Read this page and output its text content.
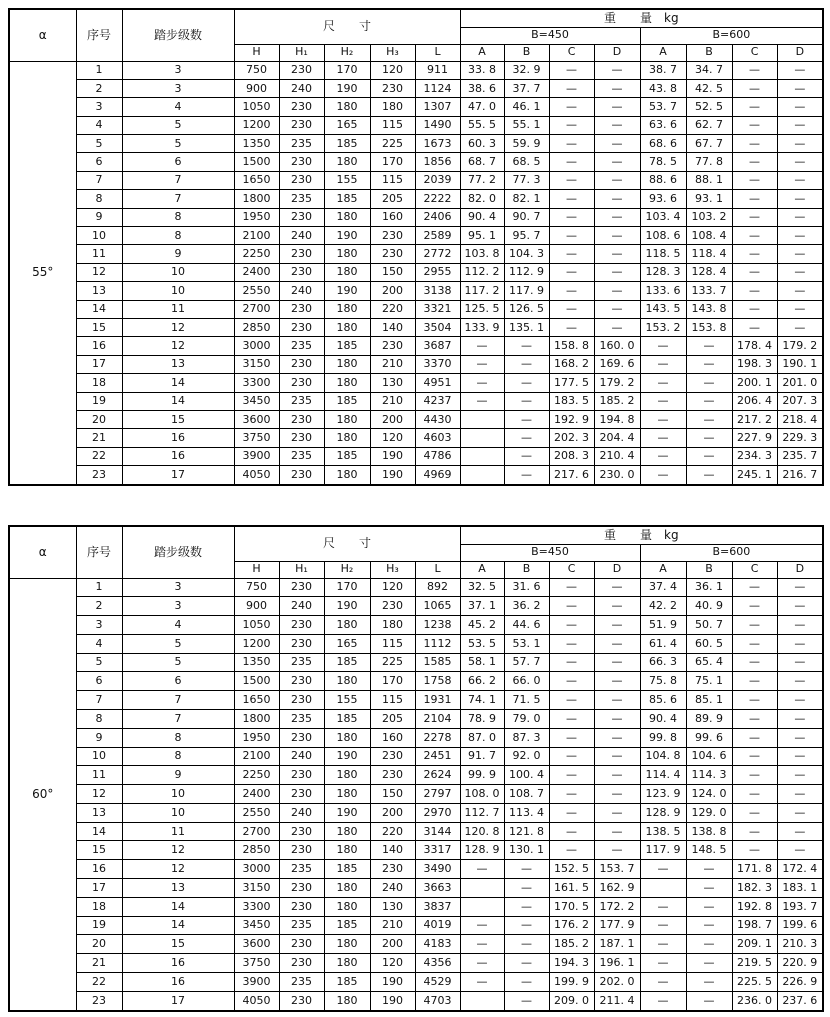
α	序号	踏步级数	尺　　寸					重　　量　kg							
								B=450				B=600			
			H	H₁	H₂	H₃	L	A	B	C	D	A	B	C	D
55°	1	3	750	230	170	120	911	33. 8	32. 9	—	—	38. 7	34. 7	—	—
	2	3	900	240	190	230	1124	38. 6	37. 7	—	—	43. 8	42. 5	—	—
	3	4	1050	230	180	180	1307	47. 0	46. 1	—	—	53. 7	52. 5	—	—
	4	5	1200	230	165	115	1490	55. 5	55. 1	—	—	63. 6	62. 7	—	—
	5	5	1350	235	185	225	1673	60. 3	59. 9	—	—	68. 6	67. 7	—	—
	6	6	1500	230	180	170	1856	68. 7	68. 5	—	—	78. 5	77. 8	—	—
	7	7	1650	230	155	115	2039	77. 2	77. 3	—	—	88. 6	88. 1	—	—
	8	7	1800	235	185	205	2222	82. 0	82. 1	—	—	93. 6	93. 1	—	—
	9	8	1950	230	180	160	2406	90. 4	90. 7	—	—	103. 4	103. 2	—	—
	10	8	2100	240	190	230	2589	95. 1	95. 7	—	—	108. 6	108. 4	—	—
	11	9	2250	230	180	230	2772	103. 8	104. 3	—	—	118. 5	118. 4	—	—
	12	10	2400	230	180	150	2955	112. 2	112. 9	—	—	128. 3	128. 4	—	—
	13	10	2550	240	190	200	3138	117. 2	117. 9	—	—	133. 6	133. 7	—	—
	14	11	2700	230	180	220	3321	125. 5	126. 5	—	—	143. 5	143. 8	—	—
	15	12	2850	230	180	140	3504	133. 9	135. 1	—	—	153. 2	153. 8	—	—
	16	12	3000	235	185	230	3687	—	—	158. 8	160. 0	—	—	178. 4	179. 2
	17	13	3150	230	180	210	3370	—	—	168. 2	169. 6	—	—	198. 3	190. 1
	18	14	3300	230	180	130	4951	—	—	177. 5	179. 2	—	—	200. 1	201. 0
	19	14	3450	235	185	210	4237	—	—	183. 5	185. 2	—	—	206. 4	207. 3
	20	15	3600	230	180	200	4430		—	192. 9	194. 8	—	—	217. 2	218. 4
	21	16	3750	230	180	120	4603		—	202. 3	204. 4	—	—	227. 9	229. 3
	22	16	3900	235	185	190	4786		—	208. 3	210. 4	—	—	234. 3	235. 7
	23	17	4050	230	180	190	4969		—	217. 6	230. 0	—	—	245. 1	216. 7
α	序号	踏步级数	尺　　寸					重　　量　kg							
								B=450				B=600			
			H	H₁	H₂	H₃	L	A	B	C	D	A	B	C	D
60°	1	3	750	230	170	120	892	32. 5	31. 6	—	—	37. 4	36. 1	—	—
	2	3	900	240	190	230	1065	37. 1	36. 2	—	—	42. 2	40. 9	—	—
	3	4	1050	230	180	180	1238	45. 2	44. 6	—	—	51. 9	50. 7	—	—
	4	5	1200	230	165	115	1112	53. 5	53. 1	—	—	61. 4	60. 5	—	—
	5	5	1350	235	185	225	1585	58. 1	57. 7	—	—	66. 3	65. 4	—	—
	6	6	1500	230	180	170	1758	66. 2	66. 0	—	—	75. 8	75. 1	—	—
	7	7	1650	230	155	115	1931	74. 1	71. 5	—	—	85. 6	85. 1	—	—
	8	7	1800	235	185	205	2104	78. 9	79. 0	—	—	90. 4	89. 9	—	—
	9	8	1950	230	180	160	2278	87. 0	87. 3	—	—	99. 8	99. 6	—	—
	10	8	2100	240	190	230	2451	91. 7	92. 0	—	—	104. 8	104. 6	—	—
	11	9	2250	230	180	230	2624	99. 9	100. 4	—	—	114. 4	114. 3	—	—
	12	10	2400	230	180	150	2797	108. 0	108. 7	—	—	123. 9	124. 0	—	—
	13	10	2550	240	190	200	2970	112. 7	113. 4	—	—	128. 9	129. 0	—	—
	14	11	2700	230	180	220	3144	120. 8	121. 8	—	—	138. 5	138. 8	—	—
	15	12	2850	230	180	140	3317	128. 9	130. 1	—	—	117. 9	148. 5	—	—
	16	12	3000	235	185	230	3490	—	—	152. 5	153. 7	—	—	171. 8	172. 4
	17	13	3150	230	180	240	3663		—	161. 5	162. 9		—	182. 3	183. 1
	18	14	3300	230	180	130	3837		—	170. 5	172. 2	—	—	192. 8	193. 7
	19	14	3450	235	185	210	4019	—	—	176. 2	177. 9	—	—	198. 7	199. 6
	20	15	3600	230	180	200	4183	—	—	185. 2	187. 1	—	—	209. 1	210. 3
	21	16	3750	230	180	120	4356	—	—	194. 3	196. 1	—	—	219. 5	220. 9
	22	16	3900	235	185	190	4529	—	—	199. 9	202. 0	—	—	225. 5	226. 9
	23	17	4050	230	180	190	4703		—	209. 0	211. 4	—	—	236. 0	237. 6
